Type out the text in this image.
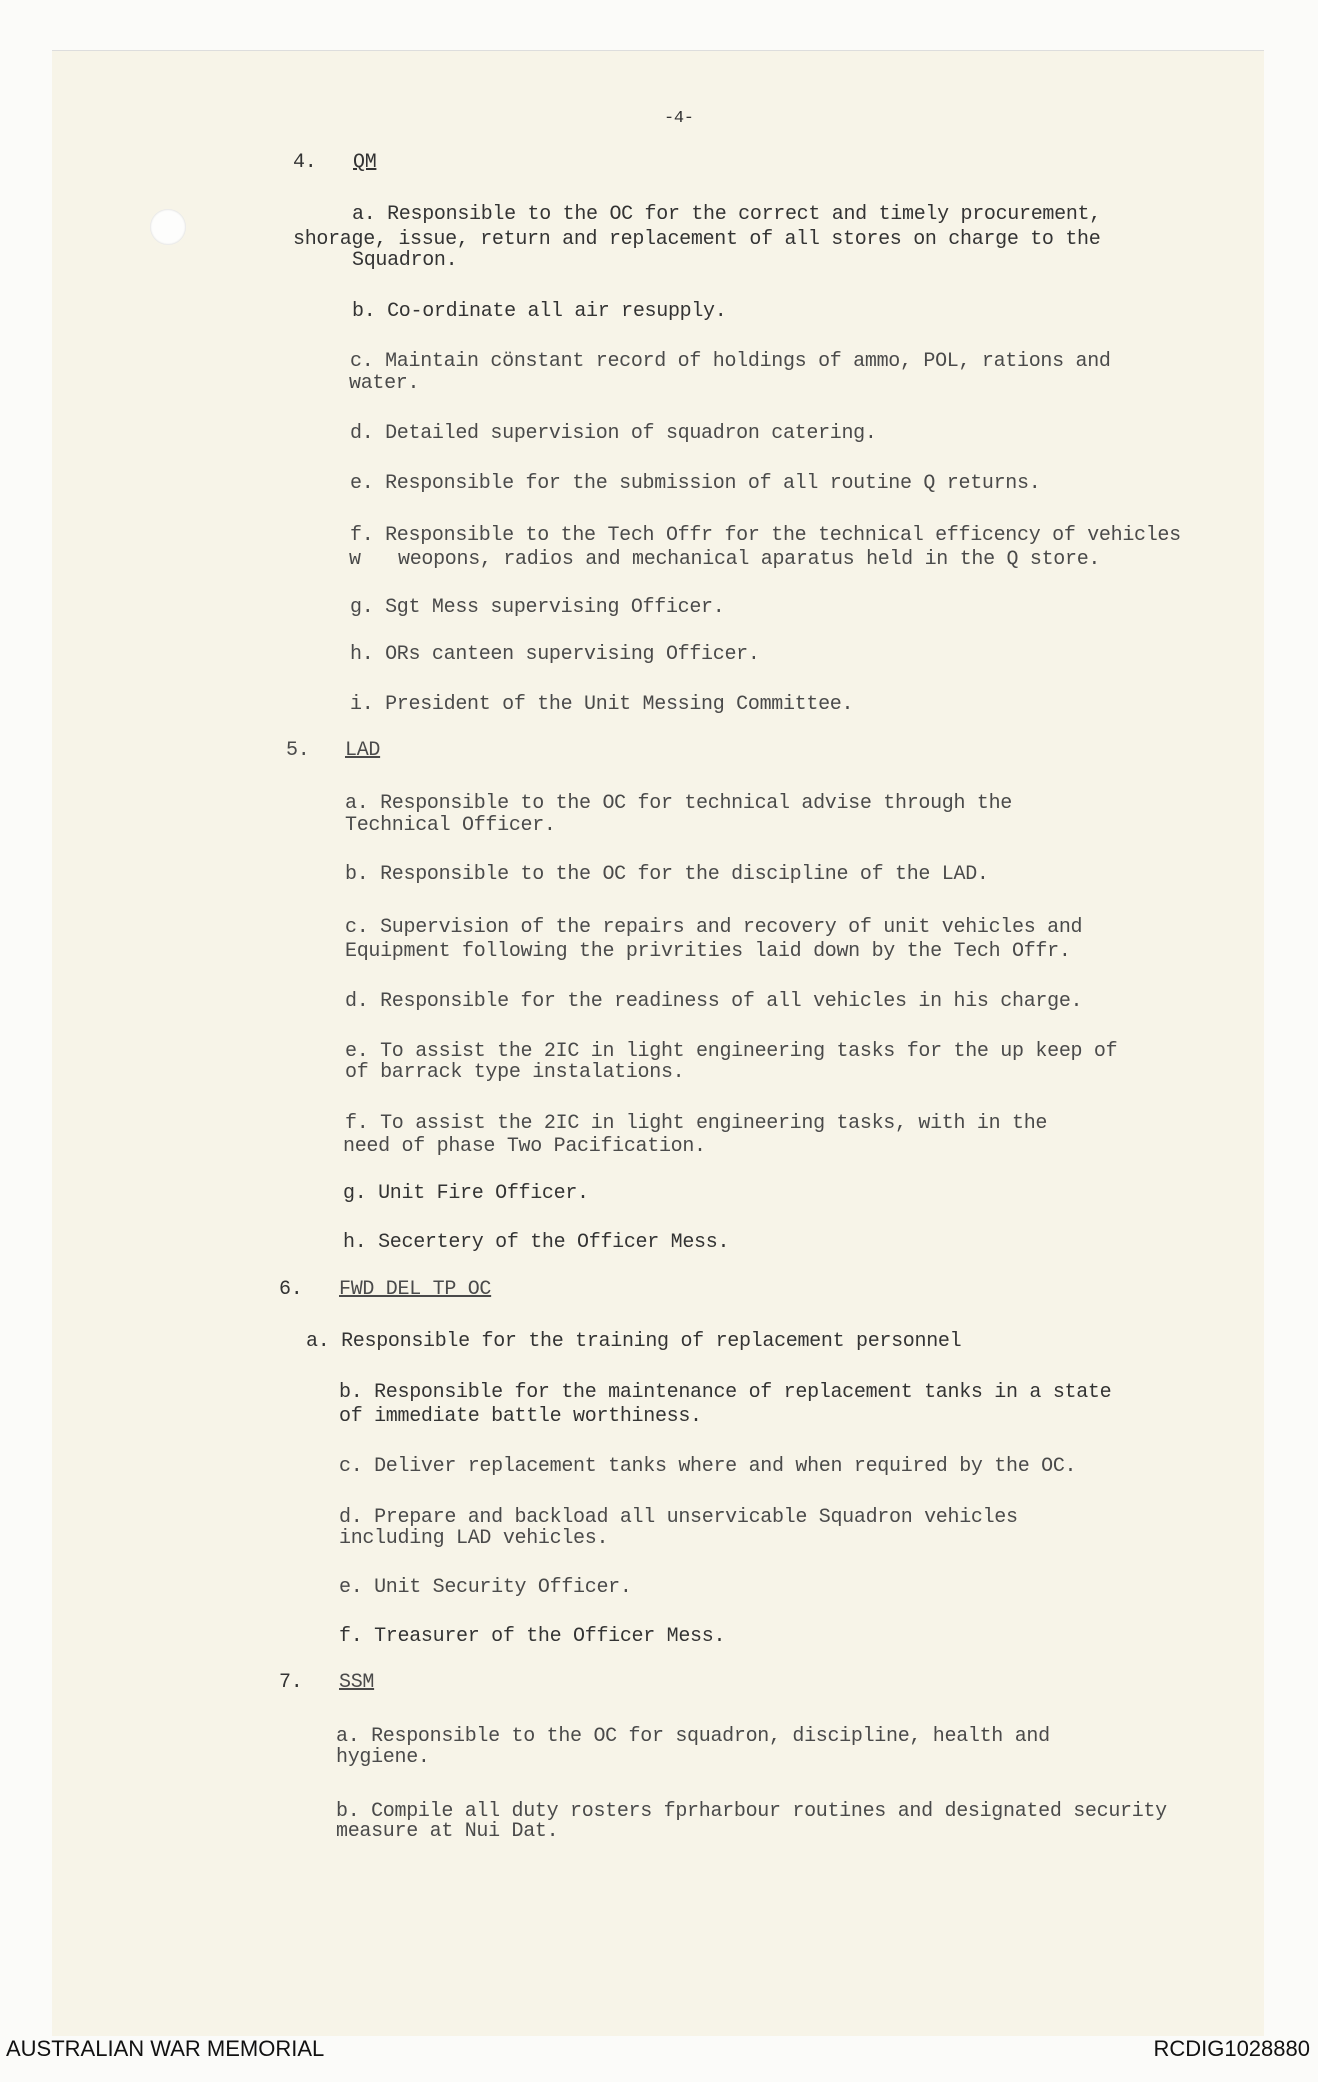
-4-
4. QM
a. Responsible to the OC for the correct and timely procurement,
shorage, issue, return and replacement of all stores on charge to the
Squadron.
b. Co-ordinate all air resupply.
c. Maintain cönstant record of holdings of ammo, POL, rations and
water.
d. Detailed supervision of squadron catering.
e. Responsible for the submission of all routine Q returns.
f. Responsible to the Tech Offr for the technical efficency of vehicles
w weopons, radios and mechanical aparatus held in the Q store.
g. Sgt Mess supervising Officer.
h. ORs canteen supervising Officer.
i. President of the Unit Messing Committee.
5. LAD
a. Responsible to the OC for technical advise through the
Technical Officer.
b. Responsible to the OC for the discipline of the LAD.
c. Supervision of the repairs and recovery of unit vehicles and
Equipment following the privrities laid down by the Tech Offr.
d. Responsible for the readiness of all vehicles in his charge.
e. To assist the 2IC in light engineering tasks for the up keep of
of barrack type instalations.
f. To assist the 2IC in light engineering tasks, with in the
need of phase Two Pacification.
g. Unit Fire Officer.
h. Secertery of the Officer Mess.
6. FWD DEL TP OC
a. Responsible for the training of replacement personnel
b. Responsible for the maintenance of replacement tanks in a state
of immediate battle worthiness.
c. Deliver replacement tanks where and when required by the OC.
d. Prepare and backload all unservicable Squadron vehicles
including LAD vehicles.
e. Unit Security Officer.
f. Treasurer of the Officer Mess.
7. SSM
a. Responsible to the OC for squadron, discipline, health and
hygiene.
b. Compile all duty rosters fprharbour routines and designated security
measure at Nui Dat.
AUSTRALIAN WAR MEMORIAL	RCDIG1028880
